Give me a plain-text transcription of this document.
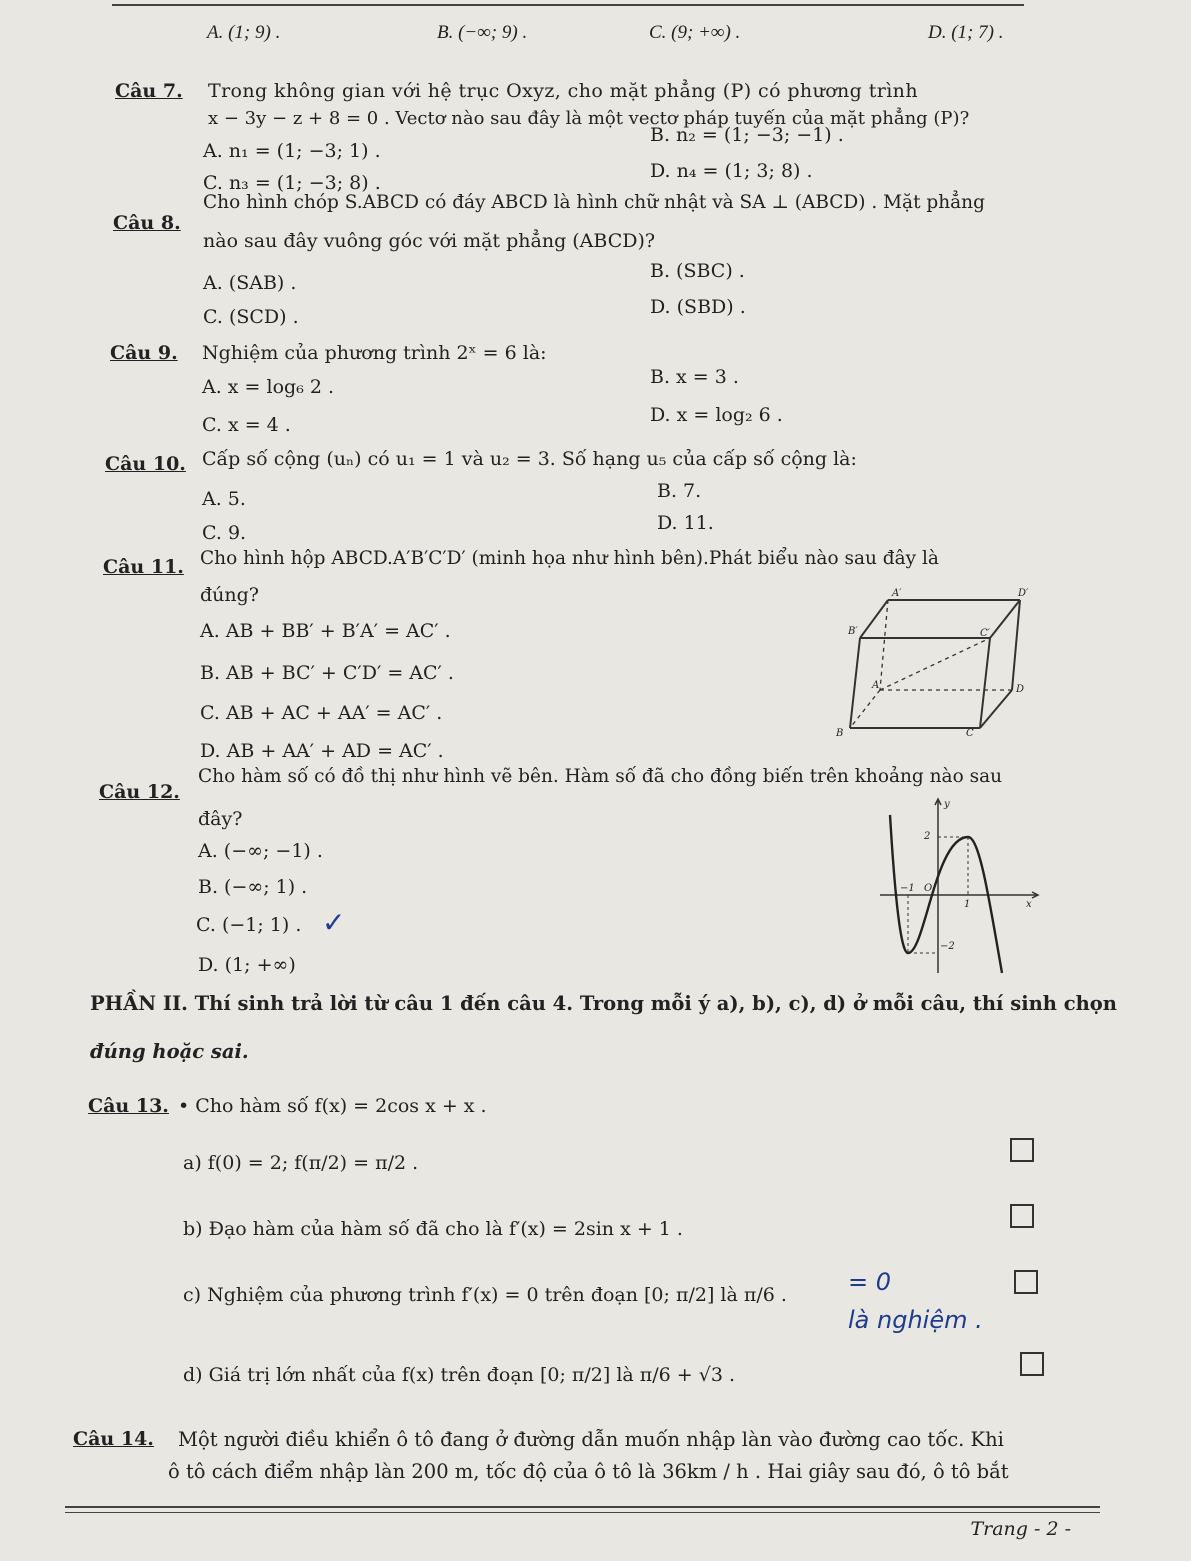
A. (1; 9) .	B. (−∞; 9) .	C. (9; +∞) .	D. (1; 7) .
Câu 7. Trong không gian với hệ trục Oxyz, cho mặt phẳng (P) có phương trình
x − 3y − z + 8 = 0 . Vectơ nào sau đây là một vectơ pháp tuyến của mặt phẳng (P)?
A. n₁ = (1; −3; 1) .
B. n₂ = (1; −3; −1) .
C. n₃ = (1; −3; 8) .
D. n₄ = (1; 3; 8) .
Câu 8.
Cho hình chóp S.ABCD có đáy ABCD là hình chữ nhật và SA ⊥ (ABCD) . Mặt phẳng
nào sau đây vuông góc với mặt phẳng (ABCD)?
A. (SAB) .
B. (SBC) .
C. (SCD) .	D. (SBD) .
Câu 9. Nghiệm của phương trình 2ˣ = 6 là:
A. x = log₆ 2 .	B. x = 3 .
C. x = 4 .	D. x = log₂ 6 .
Câu 10. Cấp số cộng (uₙ) có u₁ = 1 và u₂ = 3. Số hạng u₅ của cấp số cộng là:
A. 5.	B. 7.
C. 9.	D. 11.
Câu 11. Cho hình hộp ABCD.A′B′C′D′ (minh họa như hình bên).Phát biểu nào sau đây là
đúng?
A. AB + BB′ + B′A′ = AC′ .
B. AB + BC′ + C′D′ = AC′ .
C. AB + AC + AA′ = AC′ .
D. AB + AA′ + AD = AC′ .
A′	D′
B′	C′
A	D
B	C
Câu 12.
Cho hàm số có đồ thị như hình vẽ bên. Hàm số đã cho đồng biến trên khoảng nào sau
đây?
A. (−∞; −1) .
B. (−∞; 1) .
C. (−1; 1) . ✓
D. (1; +∞)
y
x
O
2
−2
1
−1
PHẦN II. Thí sinh trả lời từ câu 1 đến câu 4. Trong mỗi ý a), b), c), d) ở mỗi câu, thí sinh chọn
đúng hoặc sai.
Câu 13. • Cho hàm số f(x) = 2cos x + x .
a) f(0) = 2; f(π/2) = π/2 .
b) Đạo hàm của hàm số đã cho là f′(x) = 2sin x + 1 .
c) Nghiệm của phương trình f′(x) = 0 trên đoạn [0; π/2] là π/6 .	= 0
là nghiệm .
d) Giá trị lớn nhất của f(x) trên đoạn [0; π/2] là π/6 + √3 .
Câu 14. Một người điều khiển ô tô đang ở đường dẫn muốn nhập làn vào đường cao tốc. Khi
ô tô cách điểm nhập làn 200 m, tốc độ của ô tô là 36km / h . Hai giây sau đó, ô tô bắt
Trang - 2 -
